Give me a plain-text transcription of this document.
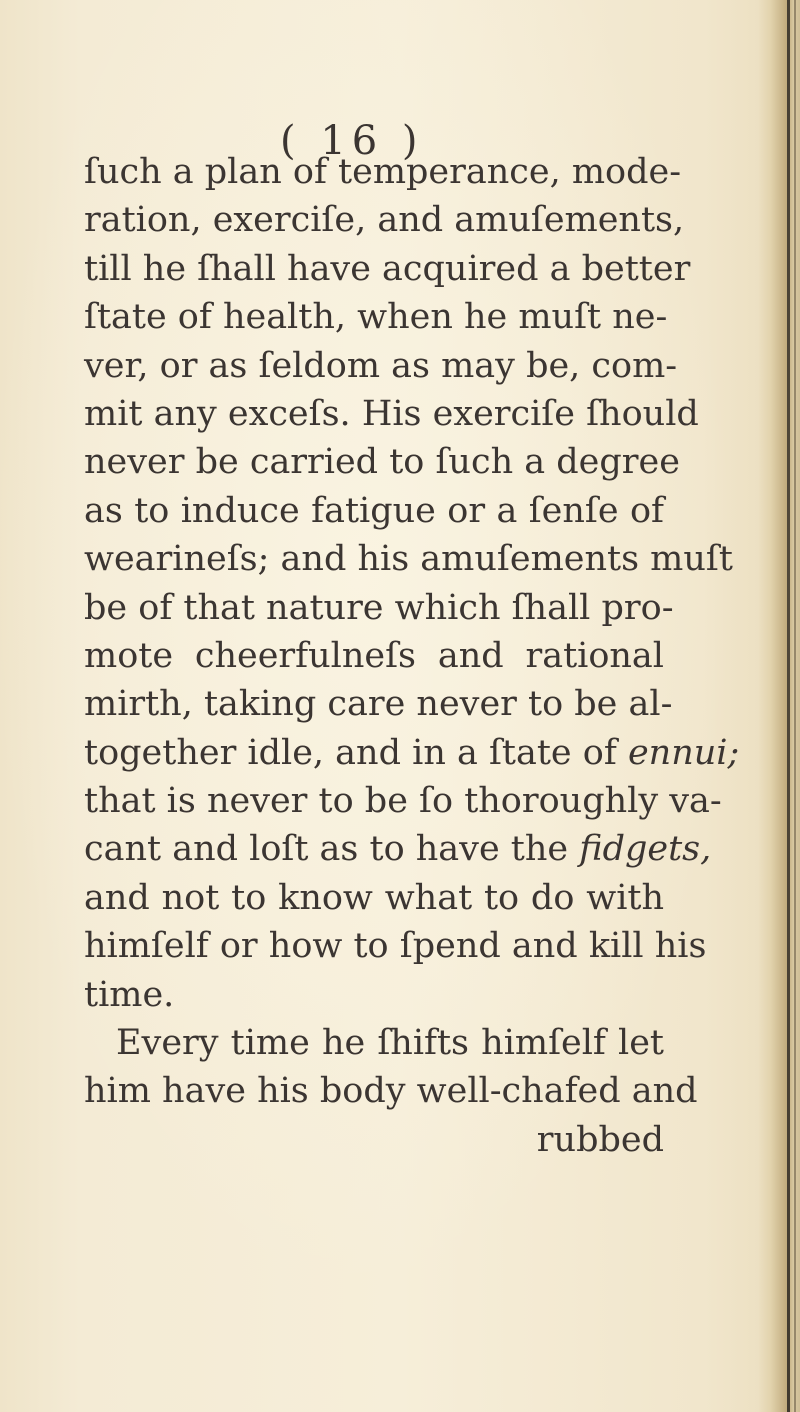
( 16 )
ſuch a plan of temperance, mode-
ration, exerciſe, and amuſements,
till he ſhall have acquired a better
ſtate of health, when he muſt ne-
ver, or as ſeldom as may be, com-
mit any exceſs. His exerciſe ſhould
never be carried to ſuch a degree
as to induce fatigue or a ſenſe of
wearineſs; and his amuſements muſt
be of that nature which ſhall pro-
mote cheerfulneſs and rational
mirth, taking care never to be al-
together idle, and in a ſtate of ennui;
that is never to be ſo thoroughly va-
cant and loſt as to have the fidgets,
and not to know what to do with
himſelf or how to ſpend and kill his
time.
Every time he ſhifts himſelf let
him have his body well-chafed and
rubbed
